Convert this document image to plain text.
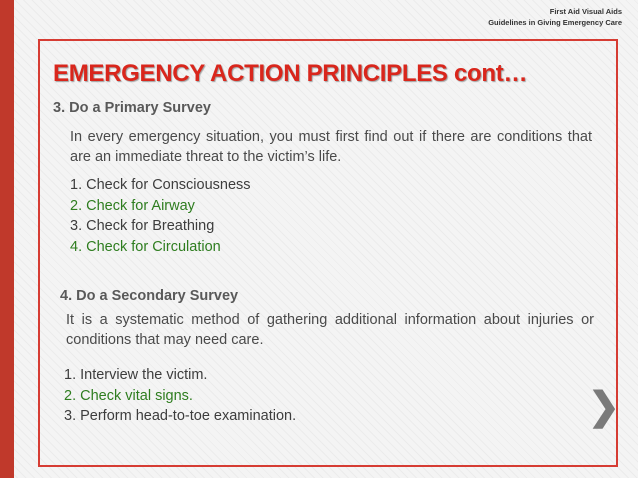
First Aid Visual Aids
Guidelines in Giving Emergency Care
EMERGENCY ACTION PRINCIPLES cont…
3. Do a Primary Survey

In every emergency situation, you must first find out if there are conditions that are an immediate threat to the victim’s life.

1. Check for Consciousness
2. Check for Airway
3. Check for Breathing
4. Check for Circulation
4. Do a Secondary Survey

It is a systematic method of gathering additional information about injuries or conditions that may need care.

1. Interview the victim.
2. Check vital signs.
3. Perform head-to-toe examination.	❯
